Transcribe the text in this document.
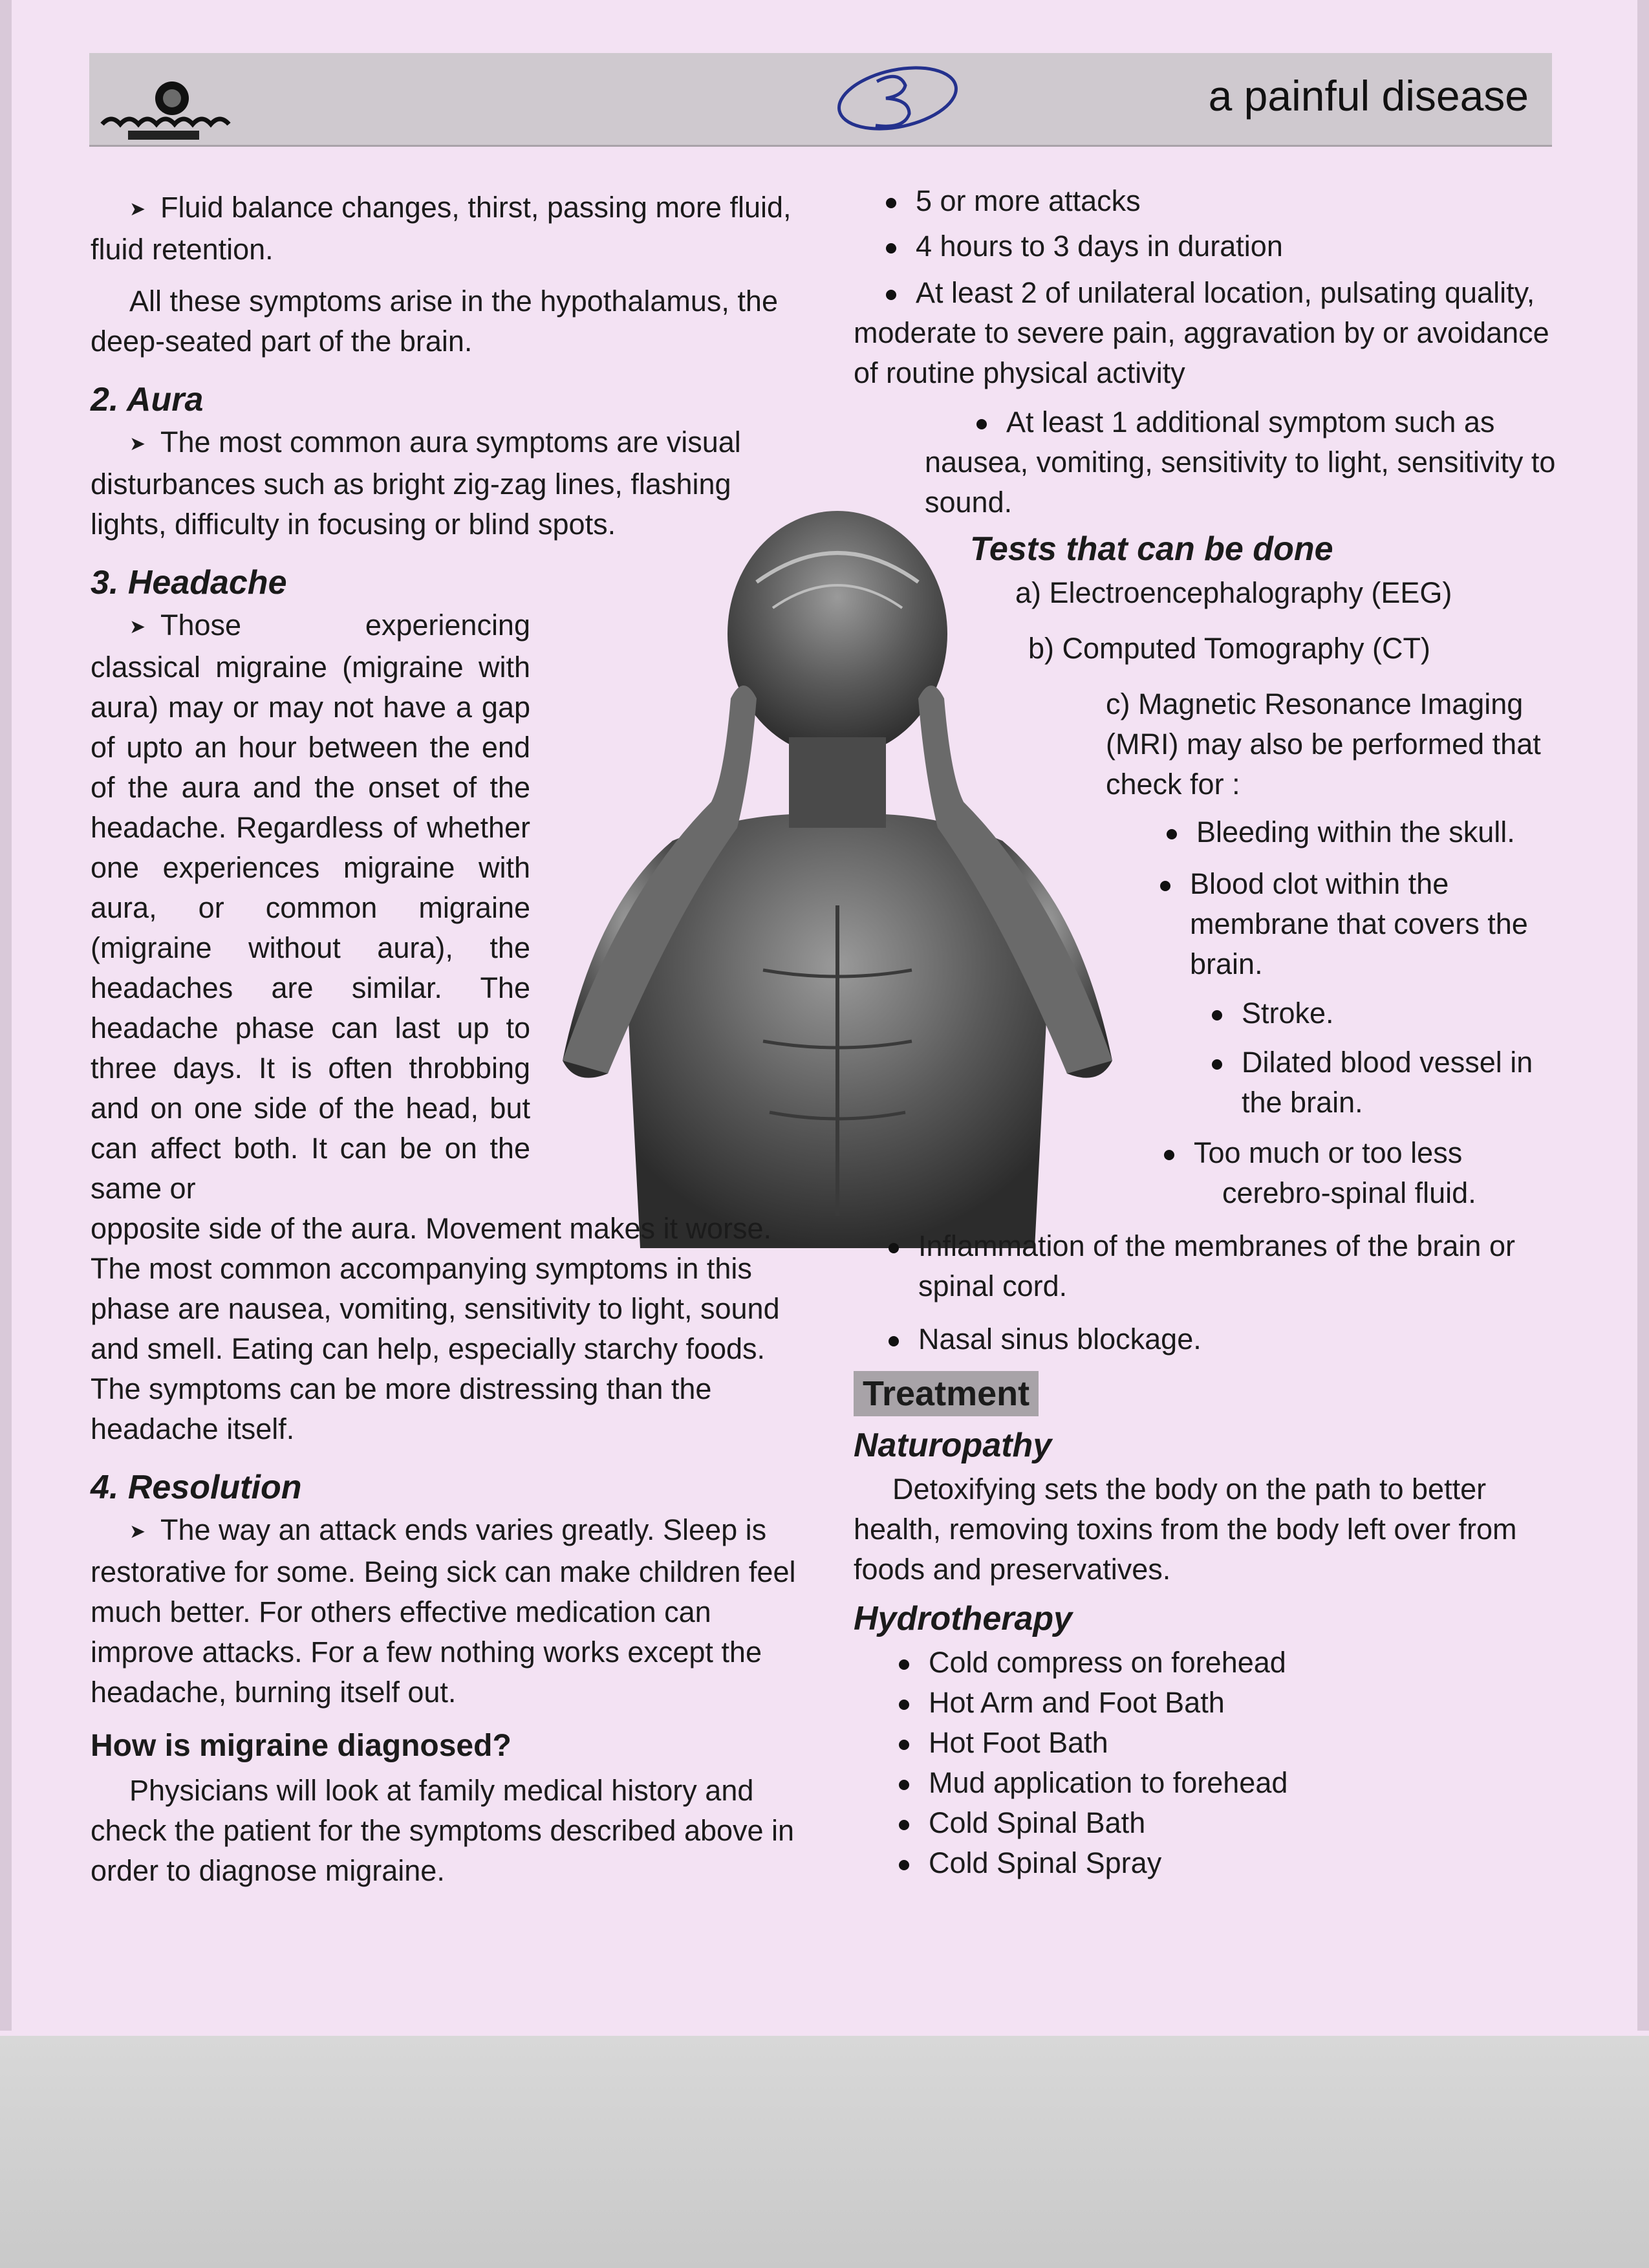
a painful disease

➤ Fluid balance changes, thirst, passing more fluid, fluid retention.

All these symptoms arise in the hypothalamus, the deep-seated part of the brain.

2. Aura

➤ The most common aura symptoms are visual disturbances such as bright zig-zag lines, flashing lights, difficulty in focusing or blind spots.

3. Headache

➤ Those experiencing classical migraine (migraine with aura) may or may not have a gap of upto an hour between the end of the aura and the onset of the headache. Regardless of whether one experiences migraine with aura, or common migraine (migraine without aura), the headaches are similar. The headache phase can last up to three days. It is often throbbing and on one side of the head, but can affect both. It can be on the same or

opposite side of the aura. Movement makes it worse. The most common accompanying symptoms in this phase are nausea, vomiting, sensitivity to light, sound and smell. Eating can help, especially starchy foods. The symptoms can be more distressing than the headache itself.

4. Resolution

➤ The way an attack ends varies greatly. Sleep is restorative for some. Being sick can make children feel much better. For others effective medication can improve attacks. For a few nothing works except the headache, burning itself out.

How is migraine diagnosed?

Physicians will look at family medical history and check the patient for the symptoms described above in order to diagnose migraine.

5 or more attacks
4 hours to 3 days in duration
At least 2 of unilateral location, pulsating quality, moderate to severe pain, aggravation by or avoidance of routine physical activity
At least 1 additional symptom such as nausea, vomiting, sensitivity to light, sensitivity to sound.
Tests that can be done

a) Electroencephalography (EEG)

b) Computed Tomography (CT)

c) Magnetic Resonance Imaging (MRI) may also be performed that check for :

Bleeding within the skull.
Blood clot within the membrane that covers the brain.
Stroke.
Dilated blood vessel in the brain.
Too much or too less cerebro-spinal fluid.
Inflammation of the membranes of the brain or spinal cord.
Nasal sinus blockage.
Treatment
Naturopathy

Detoxifying sets the body on the path to better health, removing toxins from the body left over from foods and preservatives.

Hydrotherapy
Cold compress on forehead
Hot Arm and Foot Bath
Hot Foot Bath
Mud application to forehead
Cold Spinal Bath
Cold Spinal Spray
